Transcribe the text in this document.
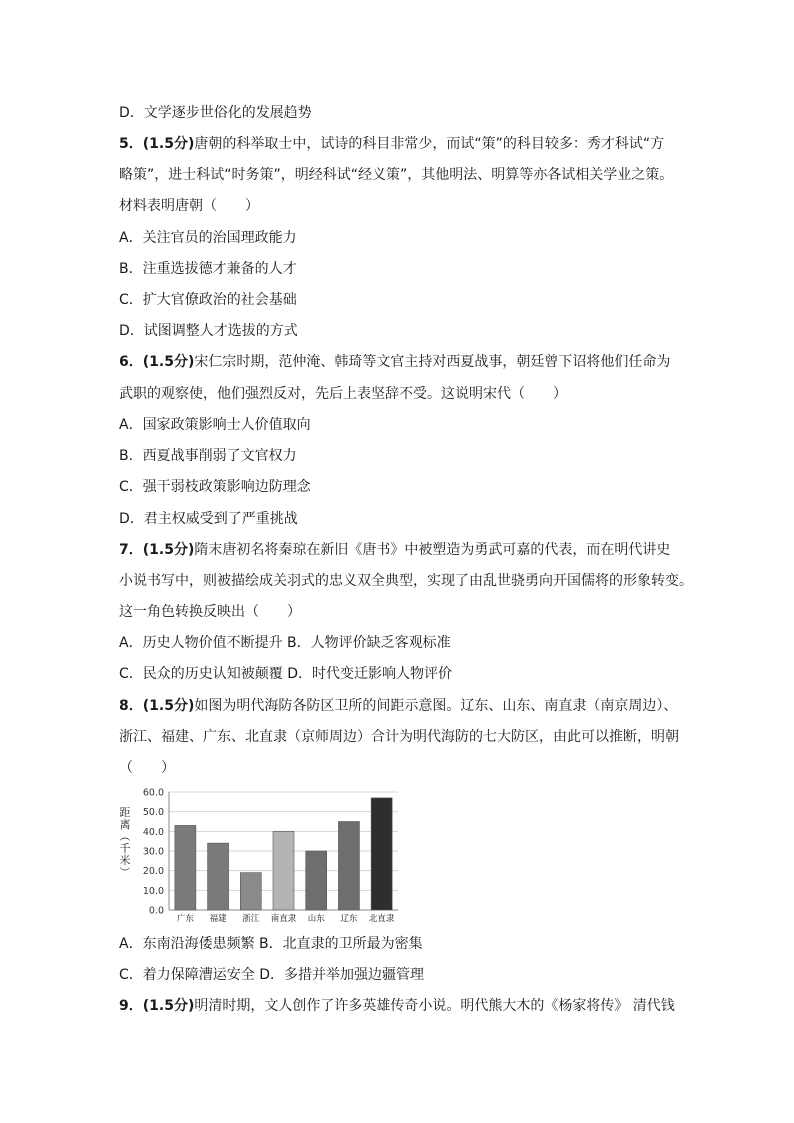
D．文学逐步世俗化的发展趋势
5．(1.5分)唐朝的科举取士中，试诗的科目非常少，而试“策”的科目较多：秀才科试“方
略策”，进士科试“时务策”，明经科试“经义策”，其他明法、明算等亦各试相关学业之策。
材料表明唐朝（　　）
A．关注官员的治国理政能力
B．注重选拔德才兼备的人才
C．扩大官僚政治的社会基础
D．试图调整人才选拔的方式
6．(1.5分)宋仁宗时期，范仲淹、韩琦等文官主持对西夏战事，朝廷曾下诏将他们任命为
武职的观察使，他们强烈反对，先后上表坚辞不受。这说明宋代（　　）
A．国家政策影响士人价值取向
B．西夏战事削弱了文官权力
C．强干弱枝政策影响边防理念
D．君主权威受到了严重挑战
7．(1.5分)隋末唐初名将秦琼在新旧《唐书》中被塑造为勇武可嘉的代表，而在明代讲史
小说书写中，则被描绘成关羽式的忠义双全典型，实现了由乱世骁勇向开国儒将的形象转变。
这一角色转换反映出（　　）
A．历史人物价值不断提升 B．人物评价缺乏客观标准
C．民众的历史认知被颠覆 D．时代变迁影响人物评价
8．(1.5分)如图为明代海防各防区卫所的间距示意图。辽东、山东、南直隶（南京周边）、
浙江、福建、广东、北直隶（京师周边）合计为明代海防的七大防区，由此可以推断，明朝
（　　）
0.0
10.0
20.0
30.0
40.0
50.0
60.0
距
离
（
千
米
）
广东 福建 浙江 南直隶 山东 辽东 北直隶
A．东南沿海倭患频繁 B．北直隶的卫所最为密集
C．着力保障漕运安全 D．多措并举加强边疆管理
9．(1.5分)明清时期，文人创作了许多英雄传奇小说。明代熊大木的《杨家将传》 清代钱
